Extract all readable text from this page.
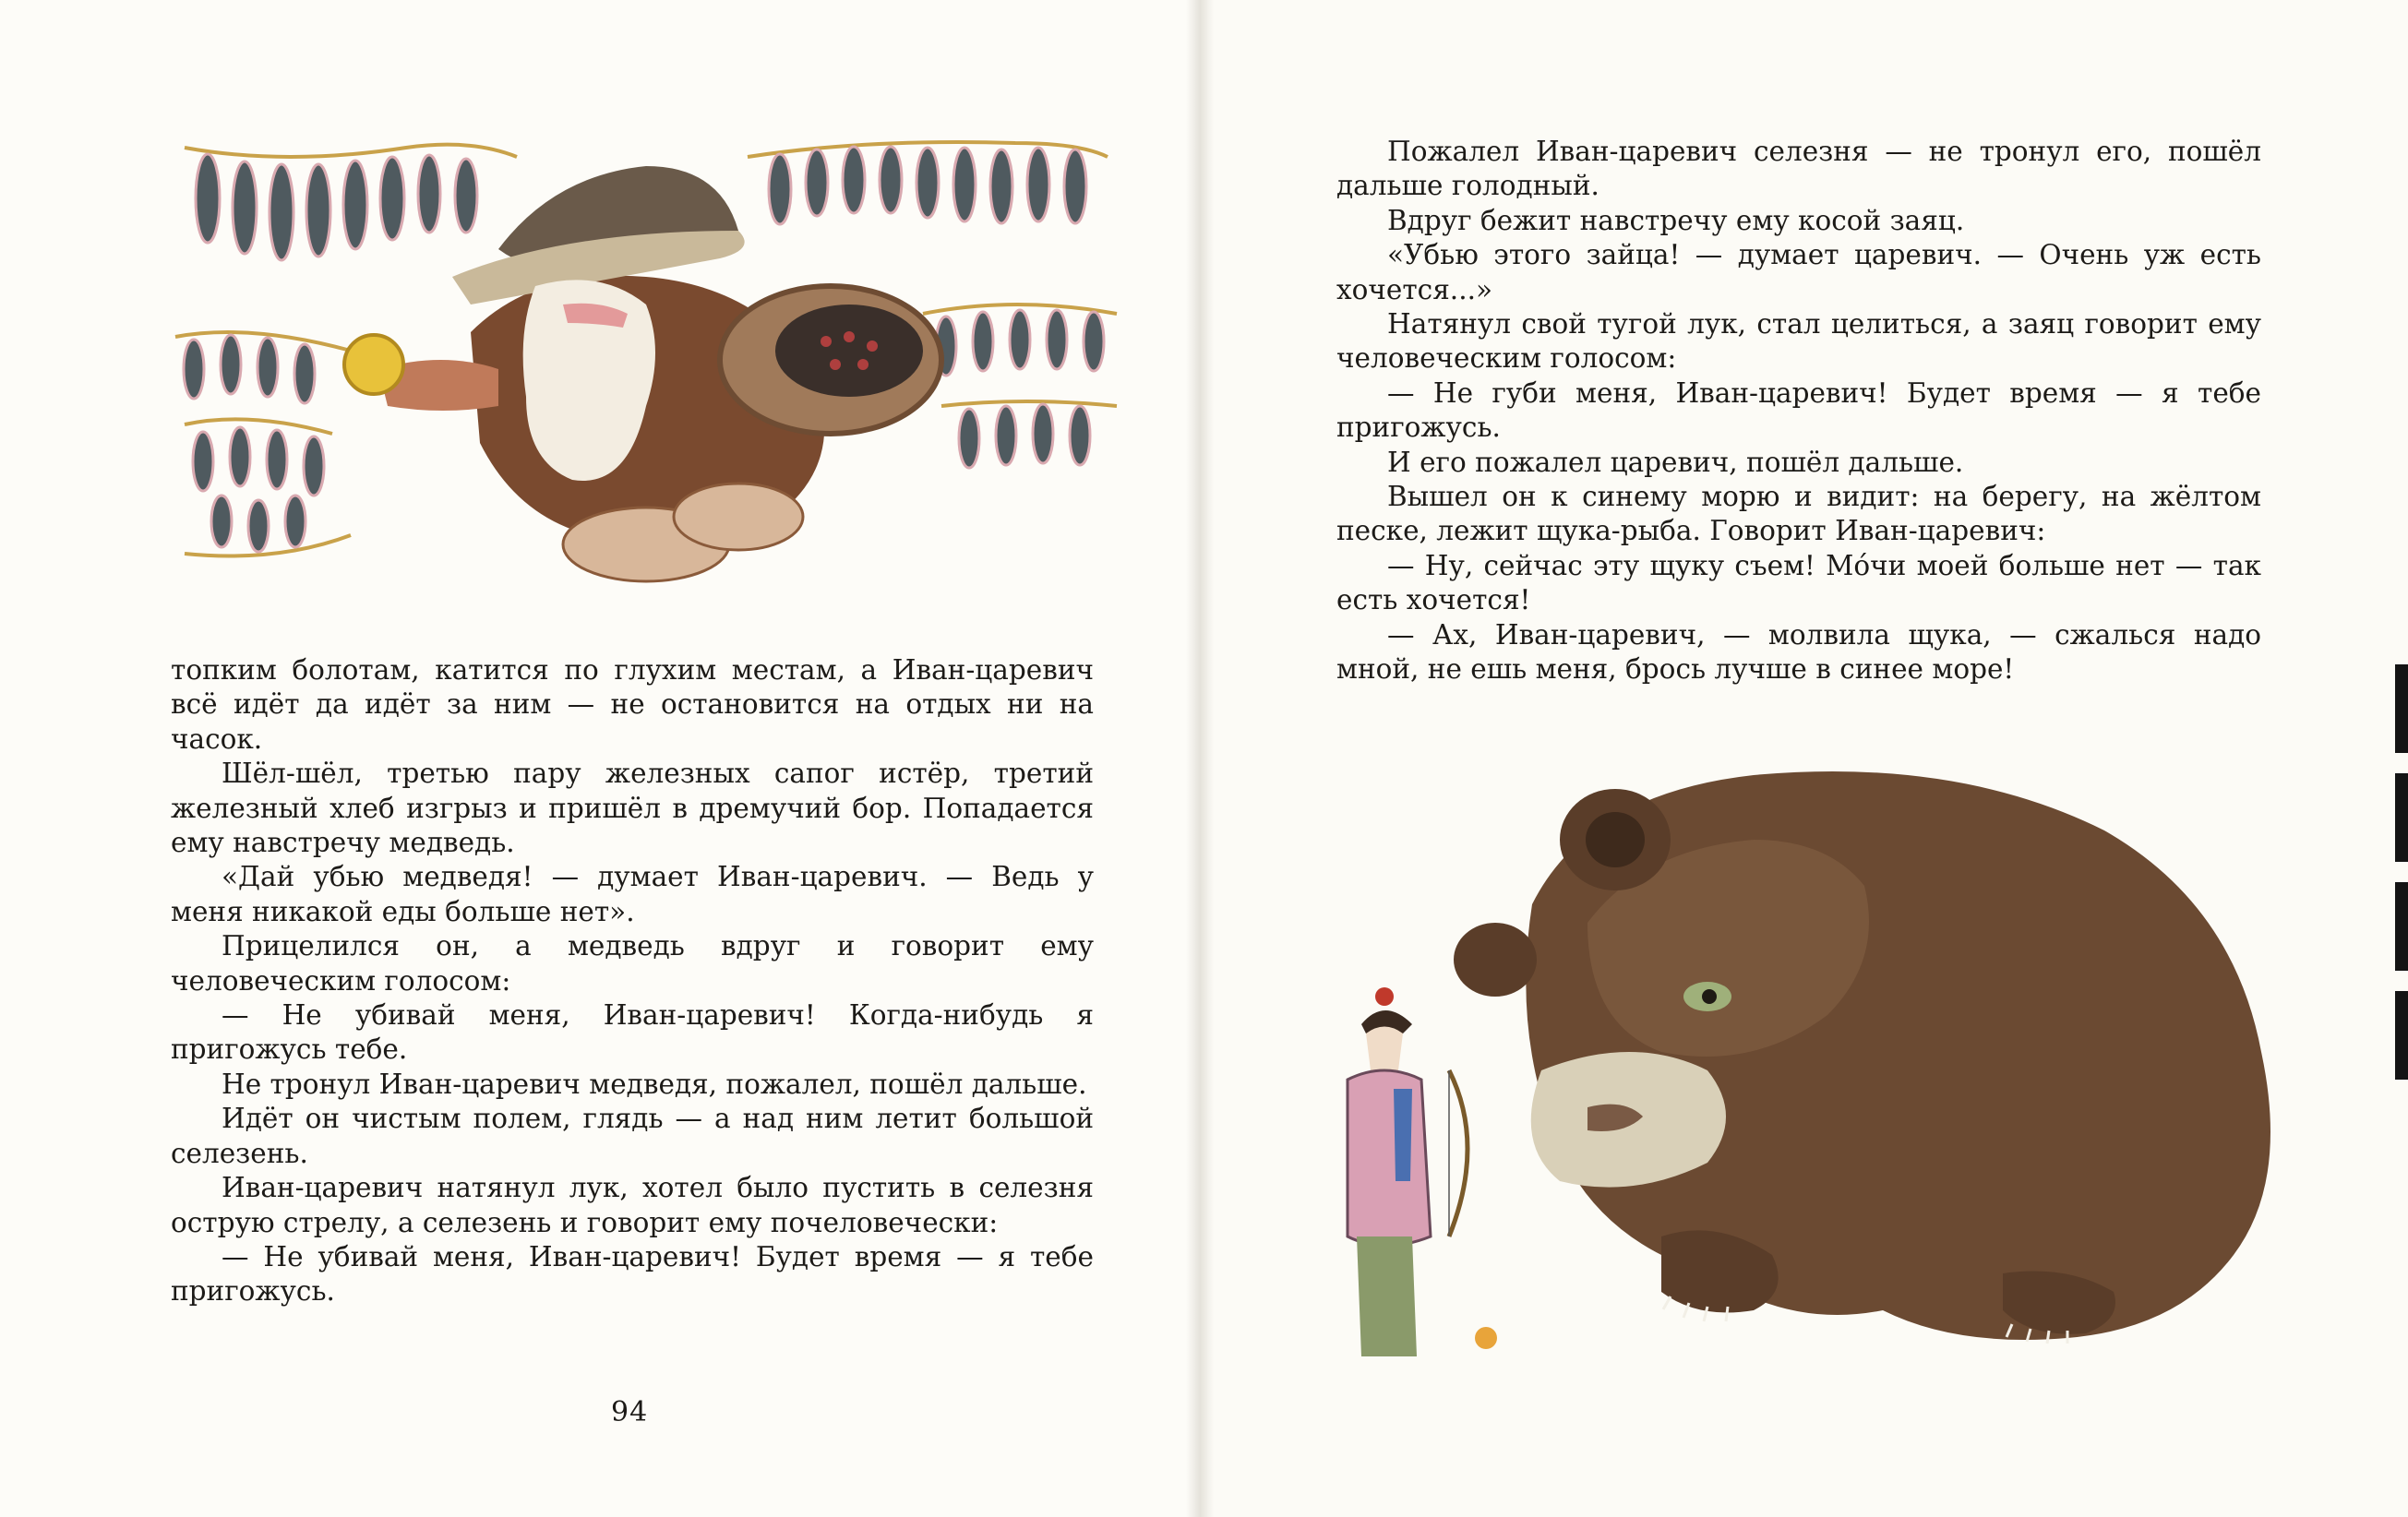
топким болотам, катится по глухим местам, а Иван-царевич всё идёт да идёт за ним — не остановится на отдых ни на часок.

Шёл-шёл, третью пару железных сапог истёр, третий железный хлеб изгрыз и пришёл в дремучий бор. Попадается ему навстречу медведь.

«Дай убью медведя! — думает Иван-царевич. — Ведь у меня никакой еды больше нет».

Прицелился он, а медведь вдруг и говорит ему человеческим голосом:

— Не убивай меня, Иван-царевич! Когда-нибудь я пригожусь тебе.

Не тронул Иван-царевич медведя, пожалел, пошёл дальше.

Идёт он чистым полем, глядь — а над ним летит большой селезень.

Иван-царевич натянул лук, хотел было пустить в селезня острую стрелу, а селезень и говорит ему почеловечески:

— Не убивай меня, Иван-царевич! Будет время — я тебе пригожусь.

94

Пожалел Иван-царевич селезня — не тронул его, пошёл дальше голодный.

Вдруг бежит навстречу ему косой заяц.

«Убью этого зайца! — думает царевич. — Очень уж есть хочется...»

Натянул свой тугой лук, стал целиться, а заяц говорит ему человеческим голосом:

— Не губи меня, Иван-царевич! Будет время — я тебе пригожусь.

И его пожалел царевич, пошёл дальше.

Вышел он к синему морю и видит: на берегу, на жёлтом песке, лежит щука-рыба. Говорит Иван-царевич:

— Ну, сейчас эту щуку съем! Мо́чи моей больше нет — так есть хочется!

— Ах, Иван-царевич, — молвила щука, — сжалься надо мной, не ешь меня, брось лучше в синее море!
